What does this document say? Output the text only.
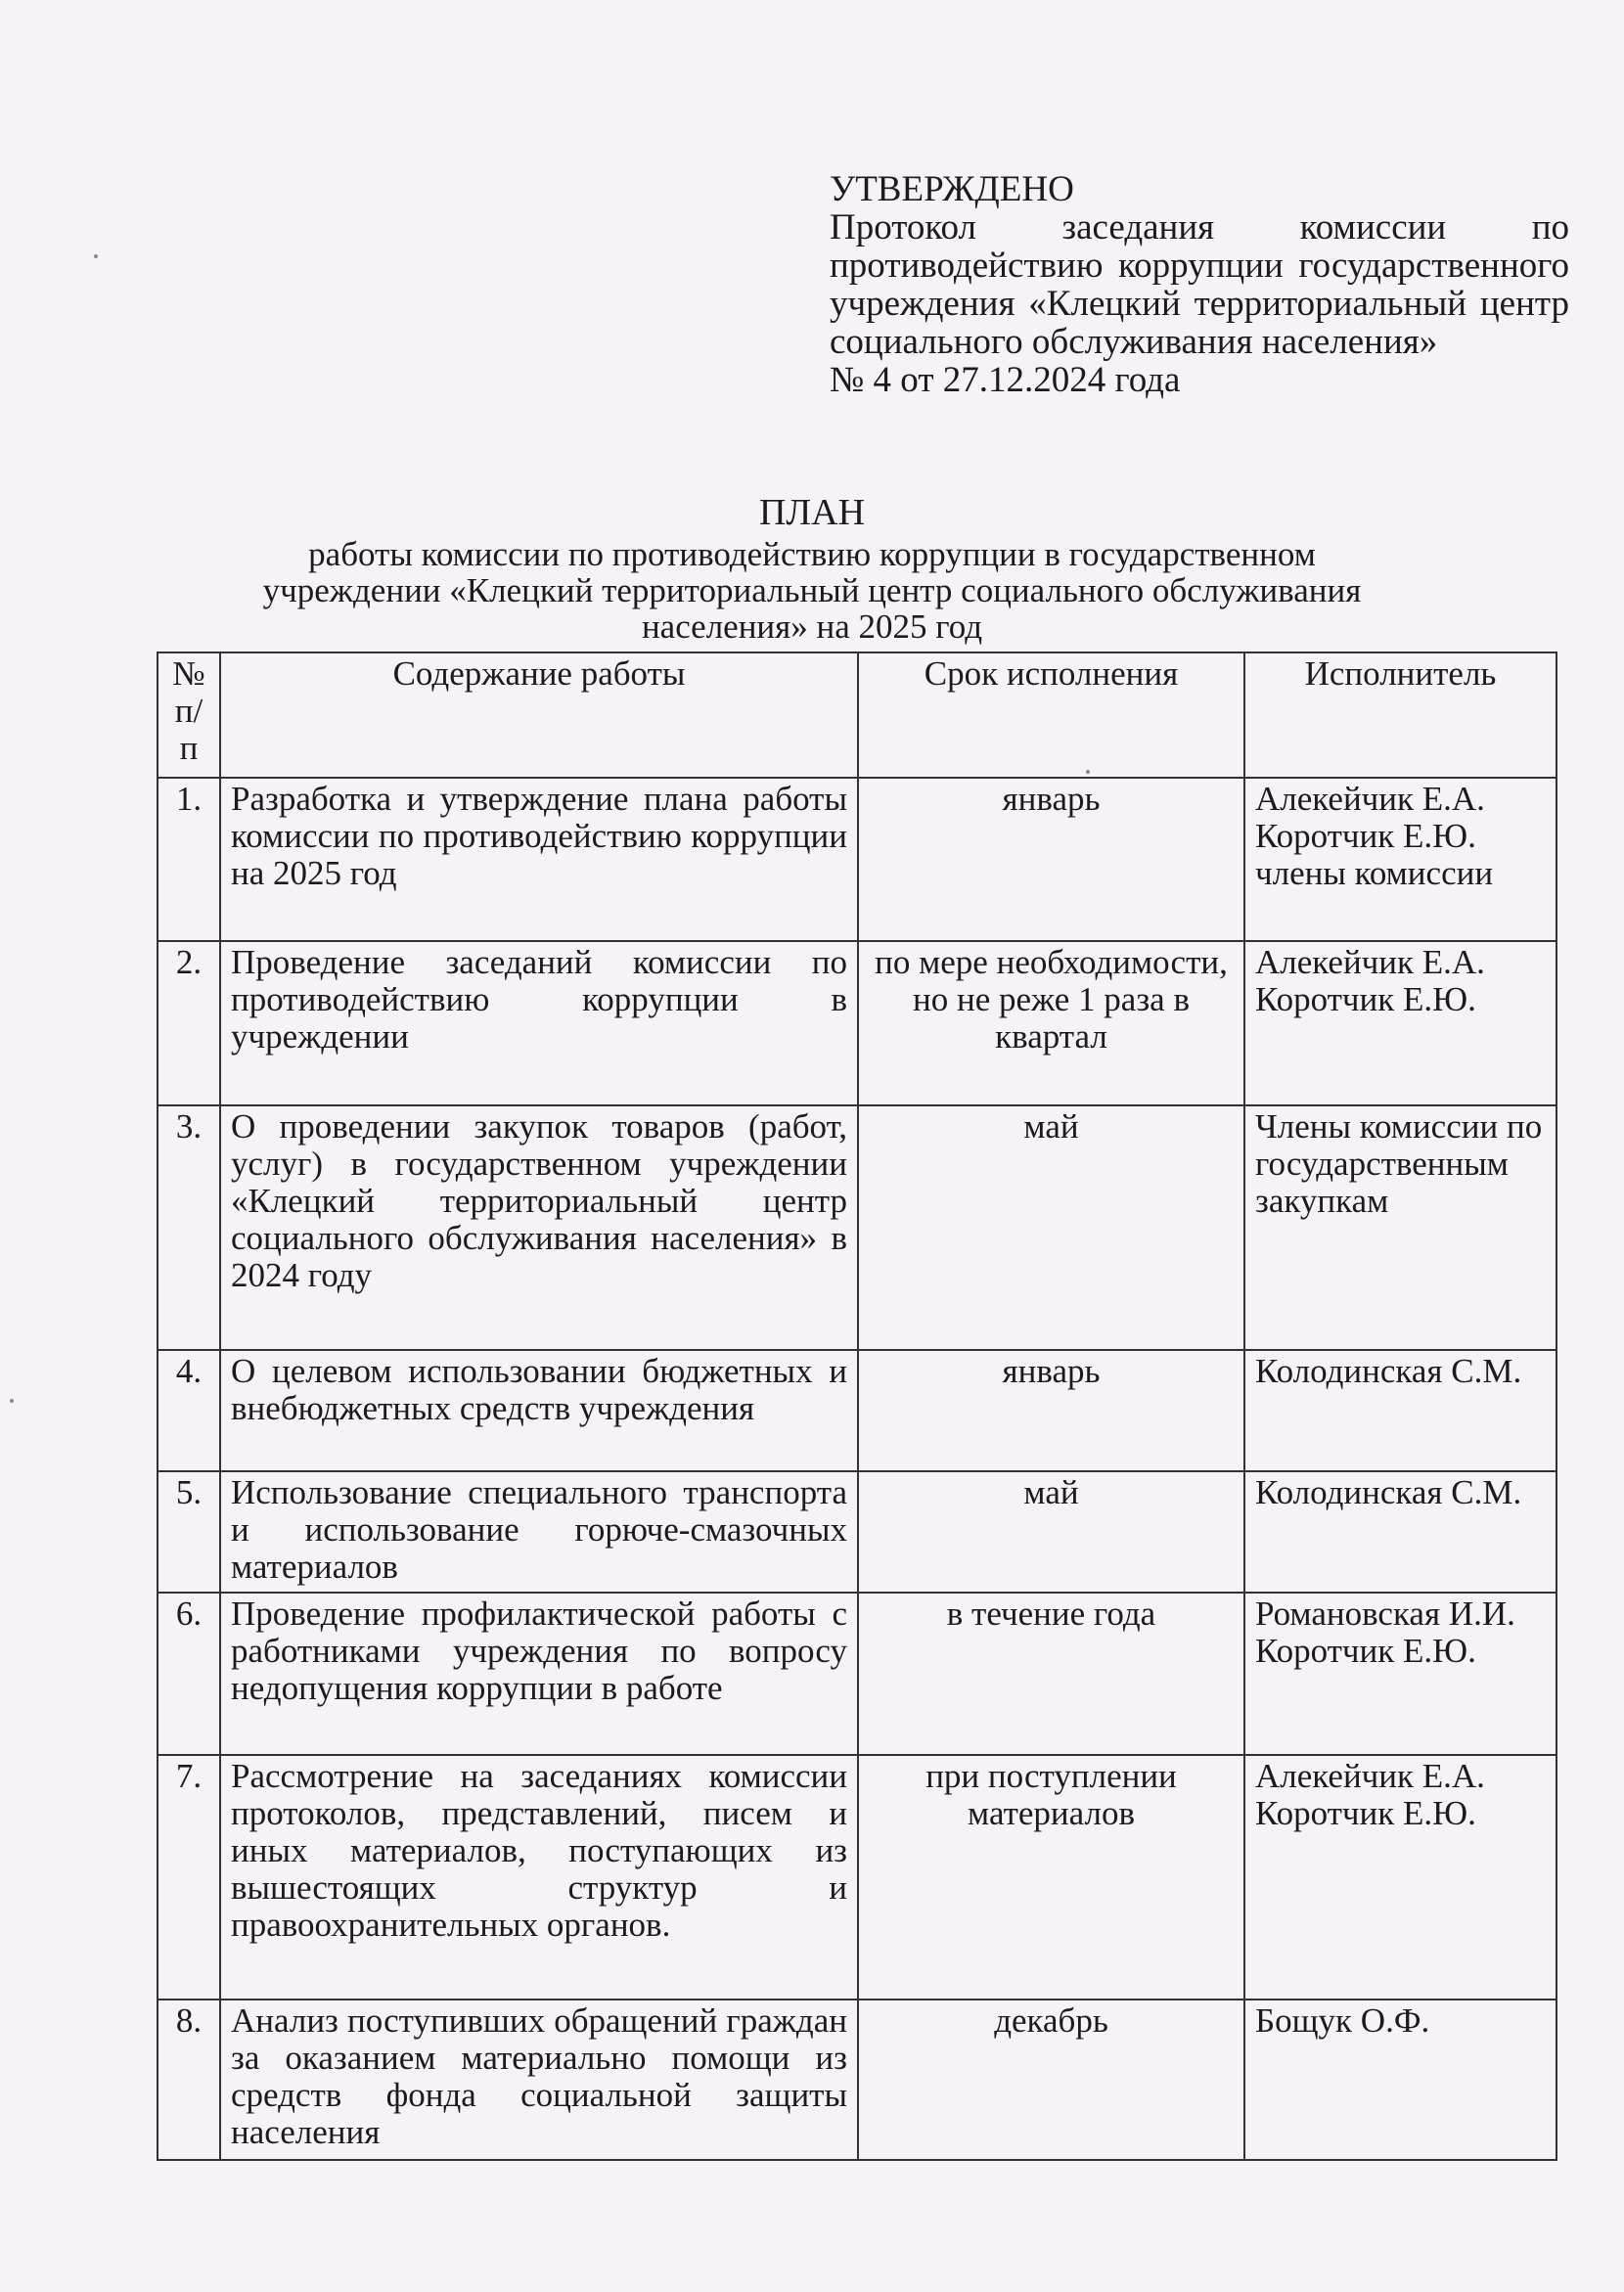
УТВЕРЖДЕНО
Протокол заседания комиссии по противодействию коррупции государственного учреждения «Клецкий территориальный центр социального обслуживания населения»
№ 4 от 27.12.2024 года
ПЛАН
работы комиссии по противодействию коррупции в государственном учреждении «Клецкий территориальный центр социального обслуживания населения» на 2025 год
№ п/п	Содержание работы	Срок исполнения	Исполнитель
1.	Разработка и утверждение плана работы комиссии по противодействию коррупции на 2025 год	январь	Алекейчик Е.А.
Коротчик Е.Ю.
члены комиссии

2.	Проведение заседаний комиссии по противодействию коррупции в учреждении	по мере необходимости, но не реже 1 раза в квартал	Алекейчик Е.А.
Коротчик Е.Ю.

3.	О проведении закупок товаров (работ, услуг) в государственном учреждении «Клецкий территориальный центр социального обслуживания населения» в 2024 году	май	Члены комиссии по государственным закупкам

4.	О целевом использовании бюджетных и внебюджетных средств учреждения	январь	Колодинская С.М.

5.	Использование специального транспорта и использование горюче-смазочных материалов	май	Колодинская С.М.

6.	Проведение профилактической работы с работниками учреждения по вопросу недопущения коррупции в работе	в течение года	Романовская И.И.
Коротчик Е.Ю.

7.	Рассмотрение на заседаниях комиссии протоколов, представлений, писем и иных материалов, поступающих из вышестоящих структур и правоохранительных органов.	при поступлении материалов	Алекейчик Е.А.
Коротчик Е.Ю.

8.	Анализ поступивших обращений граждан за оказанием материально помощи из средств фонда социальной защиты населения	декабрь	Бощук О.Ф.
